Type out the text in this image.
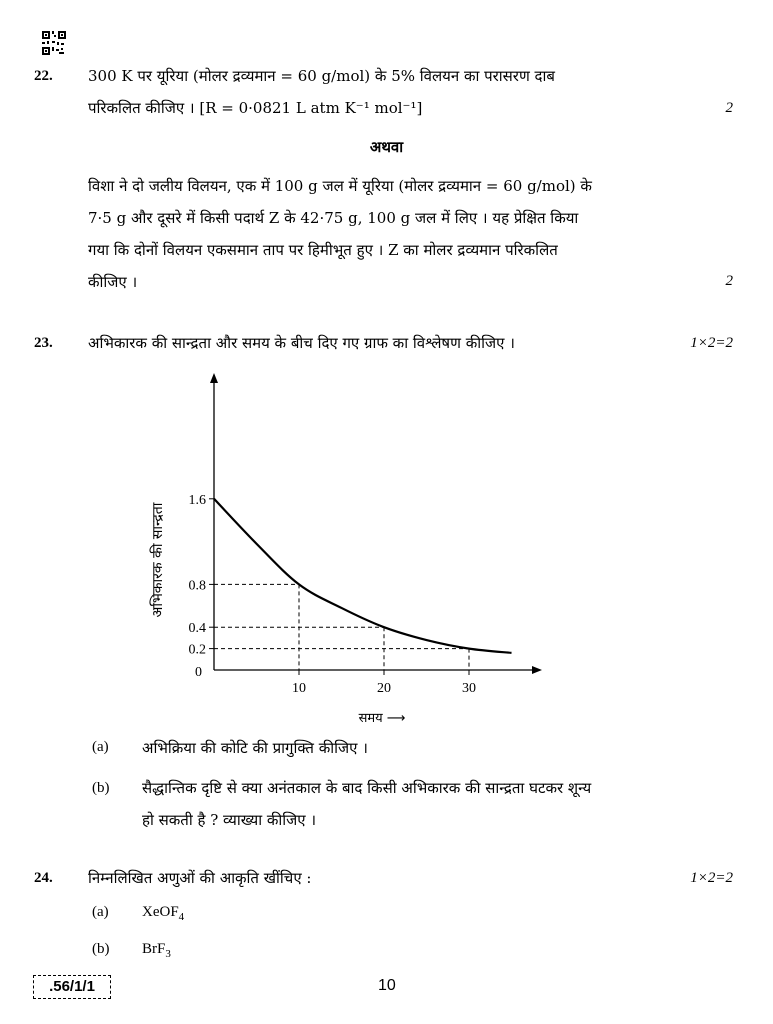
22. 300 K पर यूरिया (मोलर द्रव्यमान = 60 g/mol) के 5% विलयन का परासरण दाब
परिकलित कीजिए । [R = 0·0821 L atm K⁻¹ mol⁻¹]	2
अथवा
विशा ने दो जलीय विलयन, एक में 100 g जल में यूरिया (मोलर द्रव्यमान = 60 g/mol) के
7·5 g और दूसरे में किसी पदार्थ Z के 42·75 g, 100 g जल में लिए । यह प्रेक्षित किया
गया कि दोनों विलयन एकसमान ताप पर हिमीभूत हुए । Z का मोलर द्रव्यमान परिकलित
कीजिए ।	2
23. अभिकारक की सान्द्रता और समय के बीच दिए गए ग्राफ का विश्लेषण कीजिए ।	1×2=2
0.2
0.4
0.8
1.6
10	20	30
0
अभिकारक की सान्द्रता
समय ⟶
(a) अभिक्रिया की कोटि की प्रागुक्ति कीजिए ।
(b) सैद्धान्तिक दृष्टि से क्या अनंतकाल के बाद किसी अभिकारक की सान्द्रता घटकर शून्य
हो सकती है ? व्याख्या कीजिए ।
24. निम्नलिखित अणुओं की आकृति खींचिए :	1×2=2
(a) XeOF$_4$
(b) BrF$_3$
.56/1/1	10
